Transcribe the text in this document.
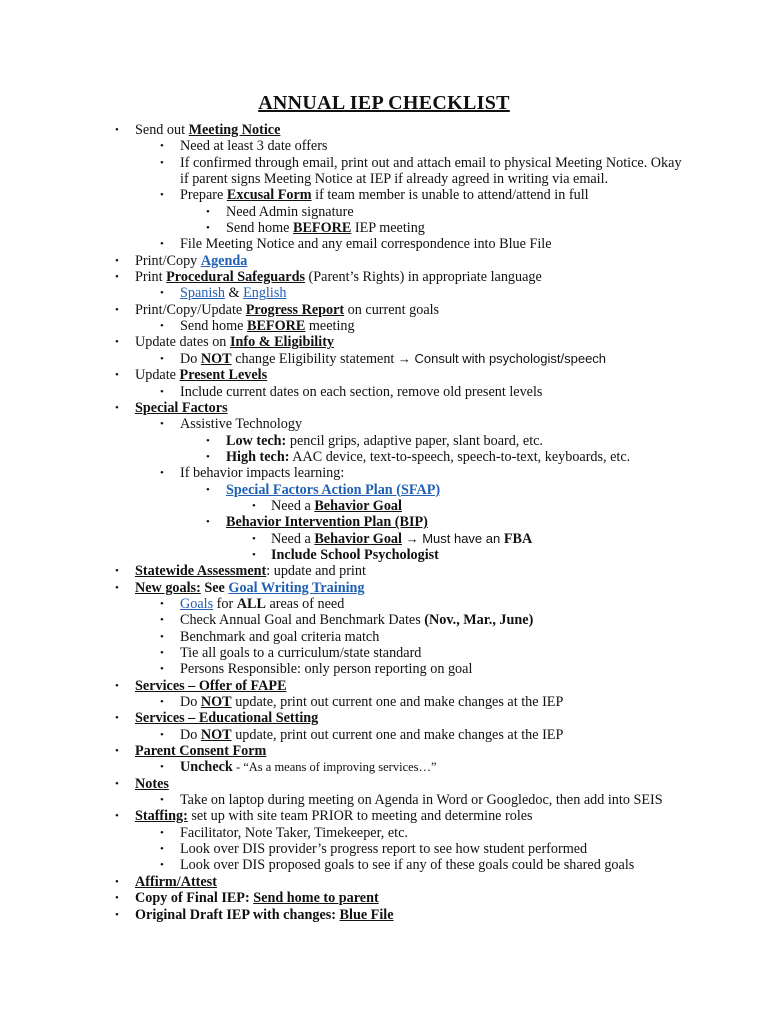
ANNUAL IEP CHECKLIST
• Send out Meeting Notice
• Need at least 3 date offers
• If confirmed through email, print out and attach email to physical Meeting Notice. Okay
if parent signs Meeting Notice at IEP if already agreed in writing via email.
• Prepare Excusal Form if team member is unable to attend/attend in full
• Need Admin signature
• Send home BEFORE IEP meeting
• File Meeting Notice and any email correspondence into Blue File
• Print/Copy Agenda
• Print Procedural Safeguards (Parent’s Rights) in appropriate language
• Spanish & English
• Print/Copy/Update Progress Report on current goals
• Send home BEFORE meeting
• Update dates on Info & Eligibility
• Do NOT change Eligibility statement → Consult with psychologist/speech
• Update Present Levels
• Include current dates on each section, remove old present levels
• Special Factors
• Assistive Technology
• Low tech: pencil grips, adaptive paper, slant board, etc.
• High tech: AAC device, text-to-speech, speech-to-text, keyboards, etc.
• If behavior impacts learning:
• Special Factors Action Plan (SFAP)
• Need a Behavior Goal
• Behavior Intervention Plan (BIP)
• Need a Behavior Goal → Must have an FBA
• Include School Psychologist
• Statewide Assessment: update and print
• New goals: See Goal Writing Training
• Goals for ALL areas of need
• Check Annual Goal and Benchmark Dates (Nov., Mar., June)
• Benchmark and goal criteria match
• Tie all goals to a curriculum/state standard
• Persons Responsible: only person reporting on goal
• Services – Offer of FAPE
• Do NOT update, print out current one and make changes at the IEP
• Services – Educational Setting
• Do NOT update, print out current one and make changes at the IEP
• Parent Consent Form
• Uncheck - “As a means of improving services…”
• Notes
• Take on laptop during meeting on Agenda in Word or Googledoc, then add into SEIS
• Staffing: set up with site team PRIOR to meeting and determine roles
• Facilitator, Note Taker, Timekeeper, etc.
• Look over DIS provider’s progress report to see how student performed
• Look over DIS proposed goals to see if any of these goals could be shared goals
• Affirm/Attest
• Copy of Final IEP: Send home to parent
• Original Draft IEP with changes: Blue File
